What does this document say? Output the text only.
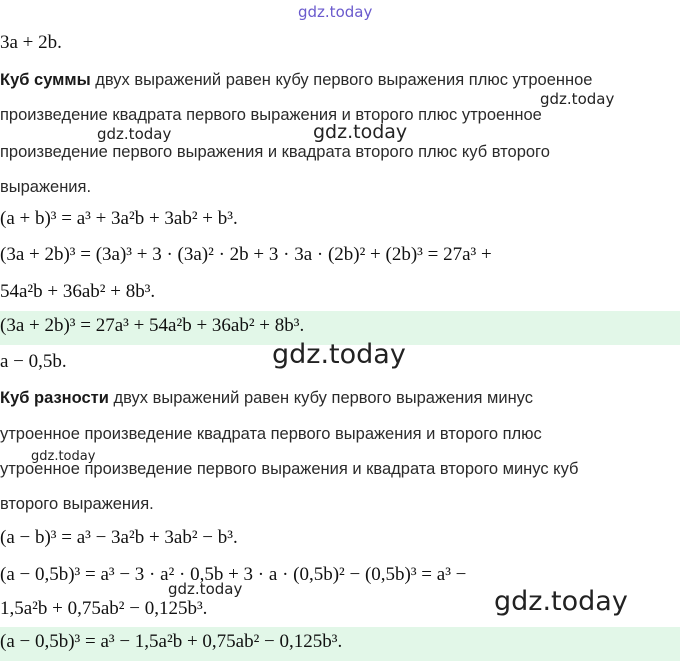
gdz.today
gdz.today
gdz.today	gdz.today
gdz.today
gdz.today
gdz.today	gdz.today
3a + 2b.
Куб суммы двух выражений равен кубу первого выражения плюс утроенное
произведение квадрата первого выражения и второго плюс утроенное
произведение первого выражения и квадрата второго плюс куб второго
выражения.
(a + b)³ = a³ + 3a²b + 3ab² + b³.
(3a + 2b)³ = (3a)³ + 3 · (3a)² · 2b + 3 · 3a · (2b)² + (2b)³ = 27a³ +
54a²b + 36ab² + 8b³.
(3a + 2b)³ = 27a³ + 54a²b + 36ab² + 8b³.
a − 0,5b.
Куб разности двух выражений равен кубу первого выражения минус
утроенное произведение квадрата первого выражения и второго плюс
утроенное произведение первого выражения и квадрата второго минус куб
второго выражения.
(a − b)³ = a³ − 3a²b + 3ab² − b³.
(a − 0,5b)³ = a³ − 3 · a² · 0,5b + 3 · a · (0,5b)² − (0,5b)³ = a³ −
1,5a²b + 0,75ab² − 0,125b³.
(a − 0,5b)³ = a³ − 1,5a²b + 0,75ab² − 0,125b³.
